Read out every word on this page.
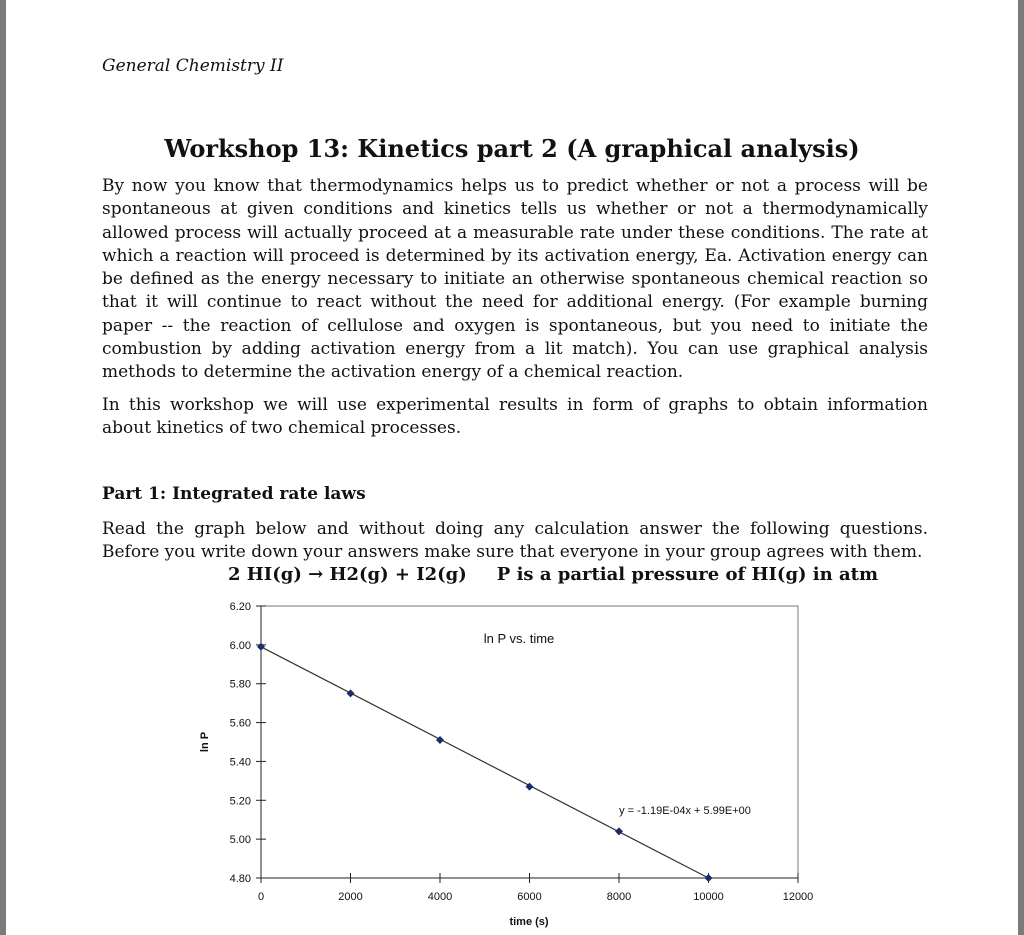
General Chemistry II
Workshop 13: Kinetics part 2 (A graphical analysis)

By now you know that thermodynamics helps us to predict whether or not a process will be spontaneous at given conditions and kinetics tells us whether or not a thermodynamically allowed process will actually proceed at a measurable rate under these conditions. The rate at which a reaction will proceed is determined by its activation energy, Ea. Activation energy can be defined as the energy necessary to initiate an otherwise spontaneous chemical reaction so that it will continue to react without the need for additional energy. (For example burning paper -- the reaction of cellulose and oxygen is spontaneous, but you need to initiate the combustion by adding activation energy from a lit match). You can use graphical analysis methods to determine the activation energy of a chemical reaction.

In this workshop we will use experimental results in form of graphs to obtain information about kinetics of two chemical processes.

Part 1: Integrated rate laws

Read the graph below and without doing any calculation answer the following questions. Before you write down your answers make sure that everyone in your group agrees with them.

2 HI(g) → H2(g) + I2(g) P is a partial pressure of HI(g) in atm
6.20
6.00
5.80
5.60
5.40
5.20
5.00
4.80
0	2000	4000	6000	8000	10000	12000
ln P vs. time
time (s)
ln P
y = -1.19E-04x + 5.99E+00
